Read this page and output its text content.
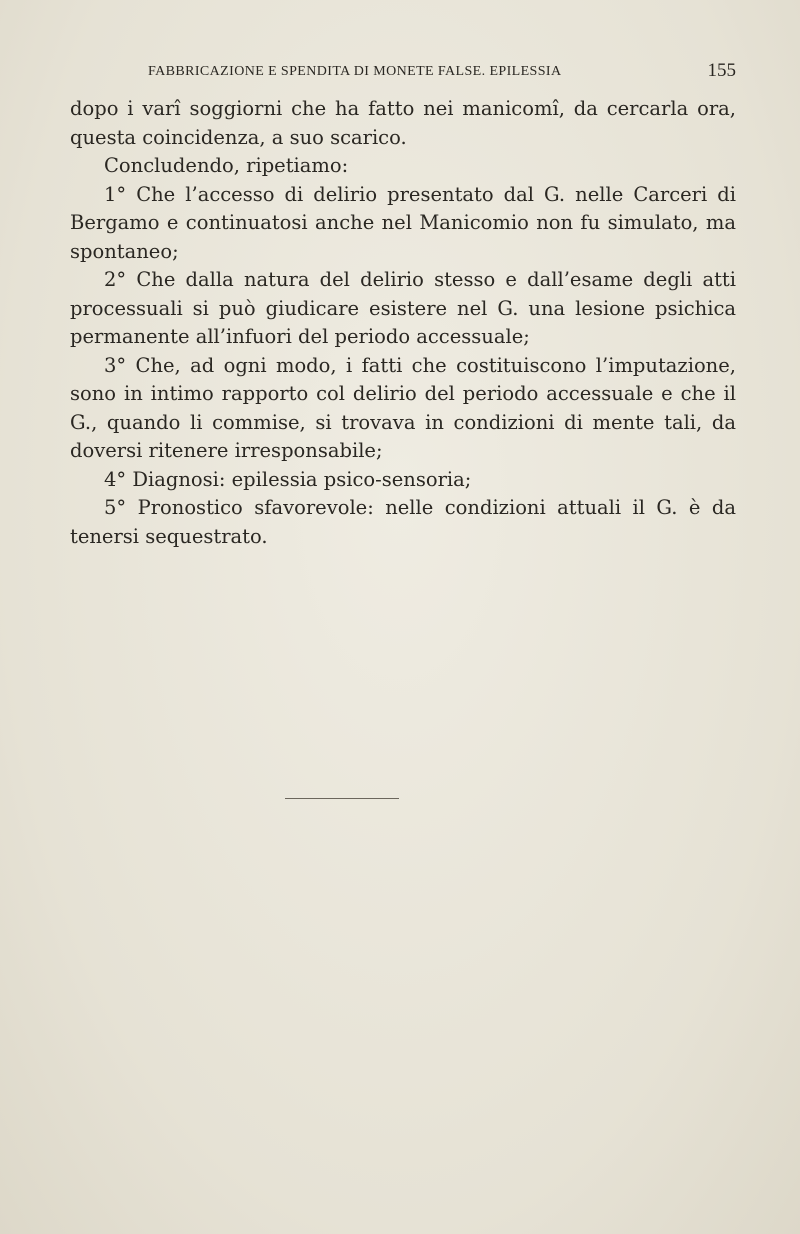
FABBRICAZIONE E SPENDITA DI MONETE FALSE. EPILESSIA	155

dopo i varî soggiorni che ha fatto nei manicomî, da cercarla ora, questa coincidenza, a suo scarico.

Concludendo, ripetiamo:

1° Che l’accesso di delirio presentato dal G. nelle Carceri di Bergamo e continuatosi anche nel Manicomio non fu simulato, ma spontaneo;

2° Che dalla natura del delirio stesso e dall’esame degli atti processuali si può giudicare esistere nel G. una lesione psichica permanente all’infuori del periodo accessuale;

3° Che, ad ogni modo, i fatti che costituiscono l’imputazione, sono in intimo rapporto col delirio del periodo accessuale e che il G., quando li commise, si trovava in condizioni di mente tali, da doversi ritenere irresponsabile;

4° Diagnosi: epilessia psico-sensoria;

5° Pronostico sfavorevole: nelle condizioni attuali il G. è da tenersi sequestrato.
